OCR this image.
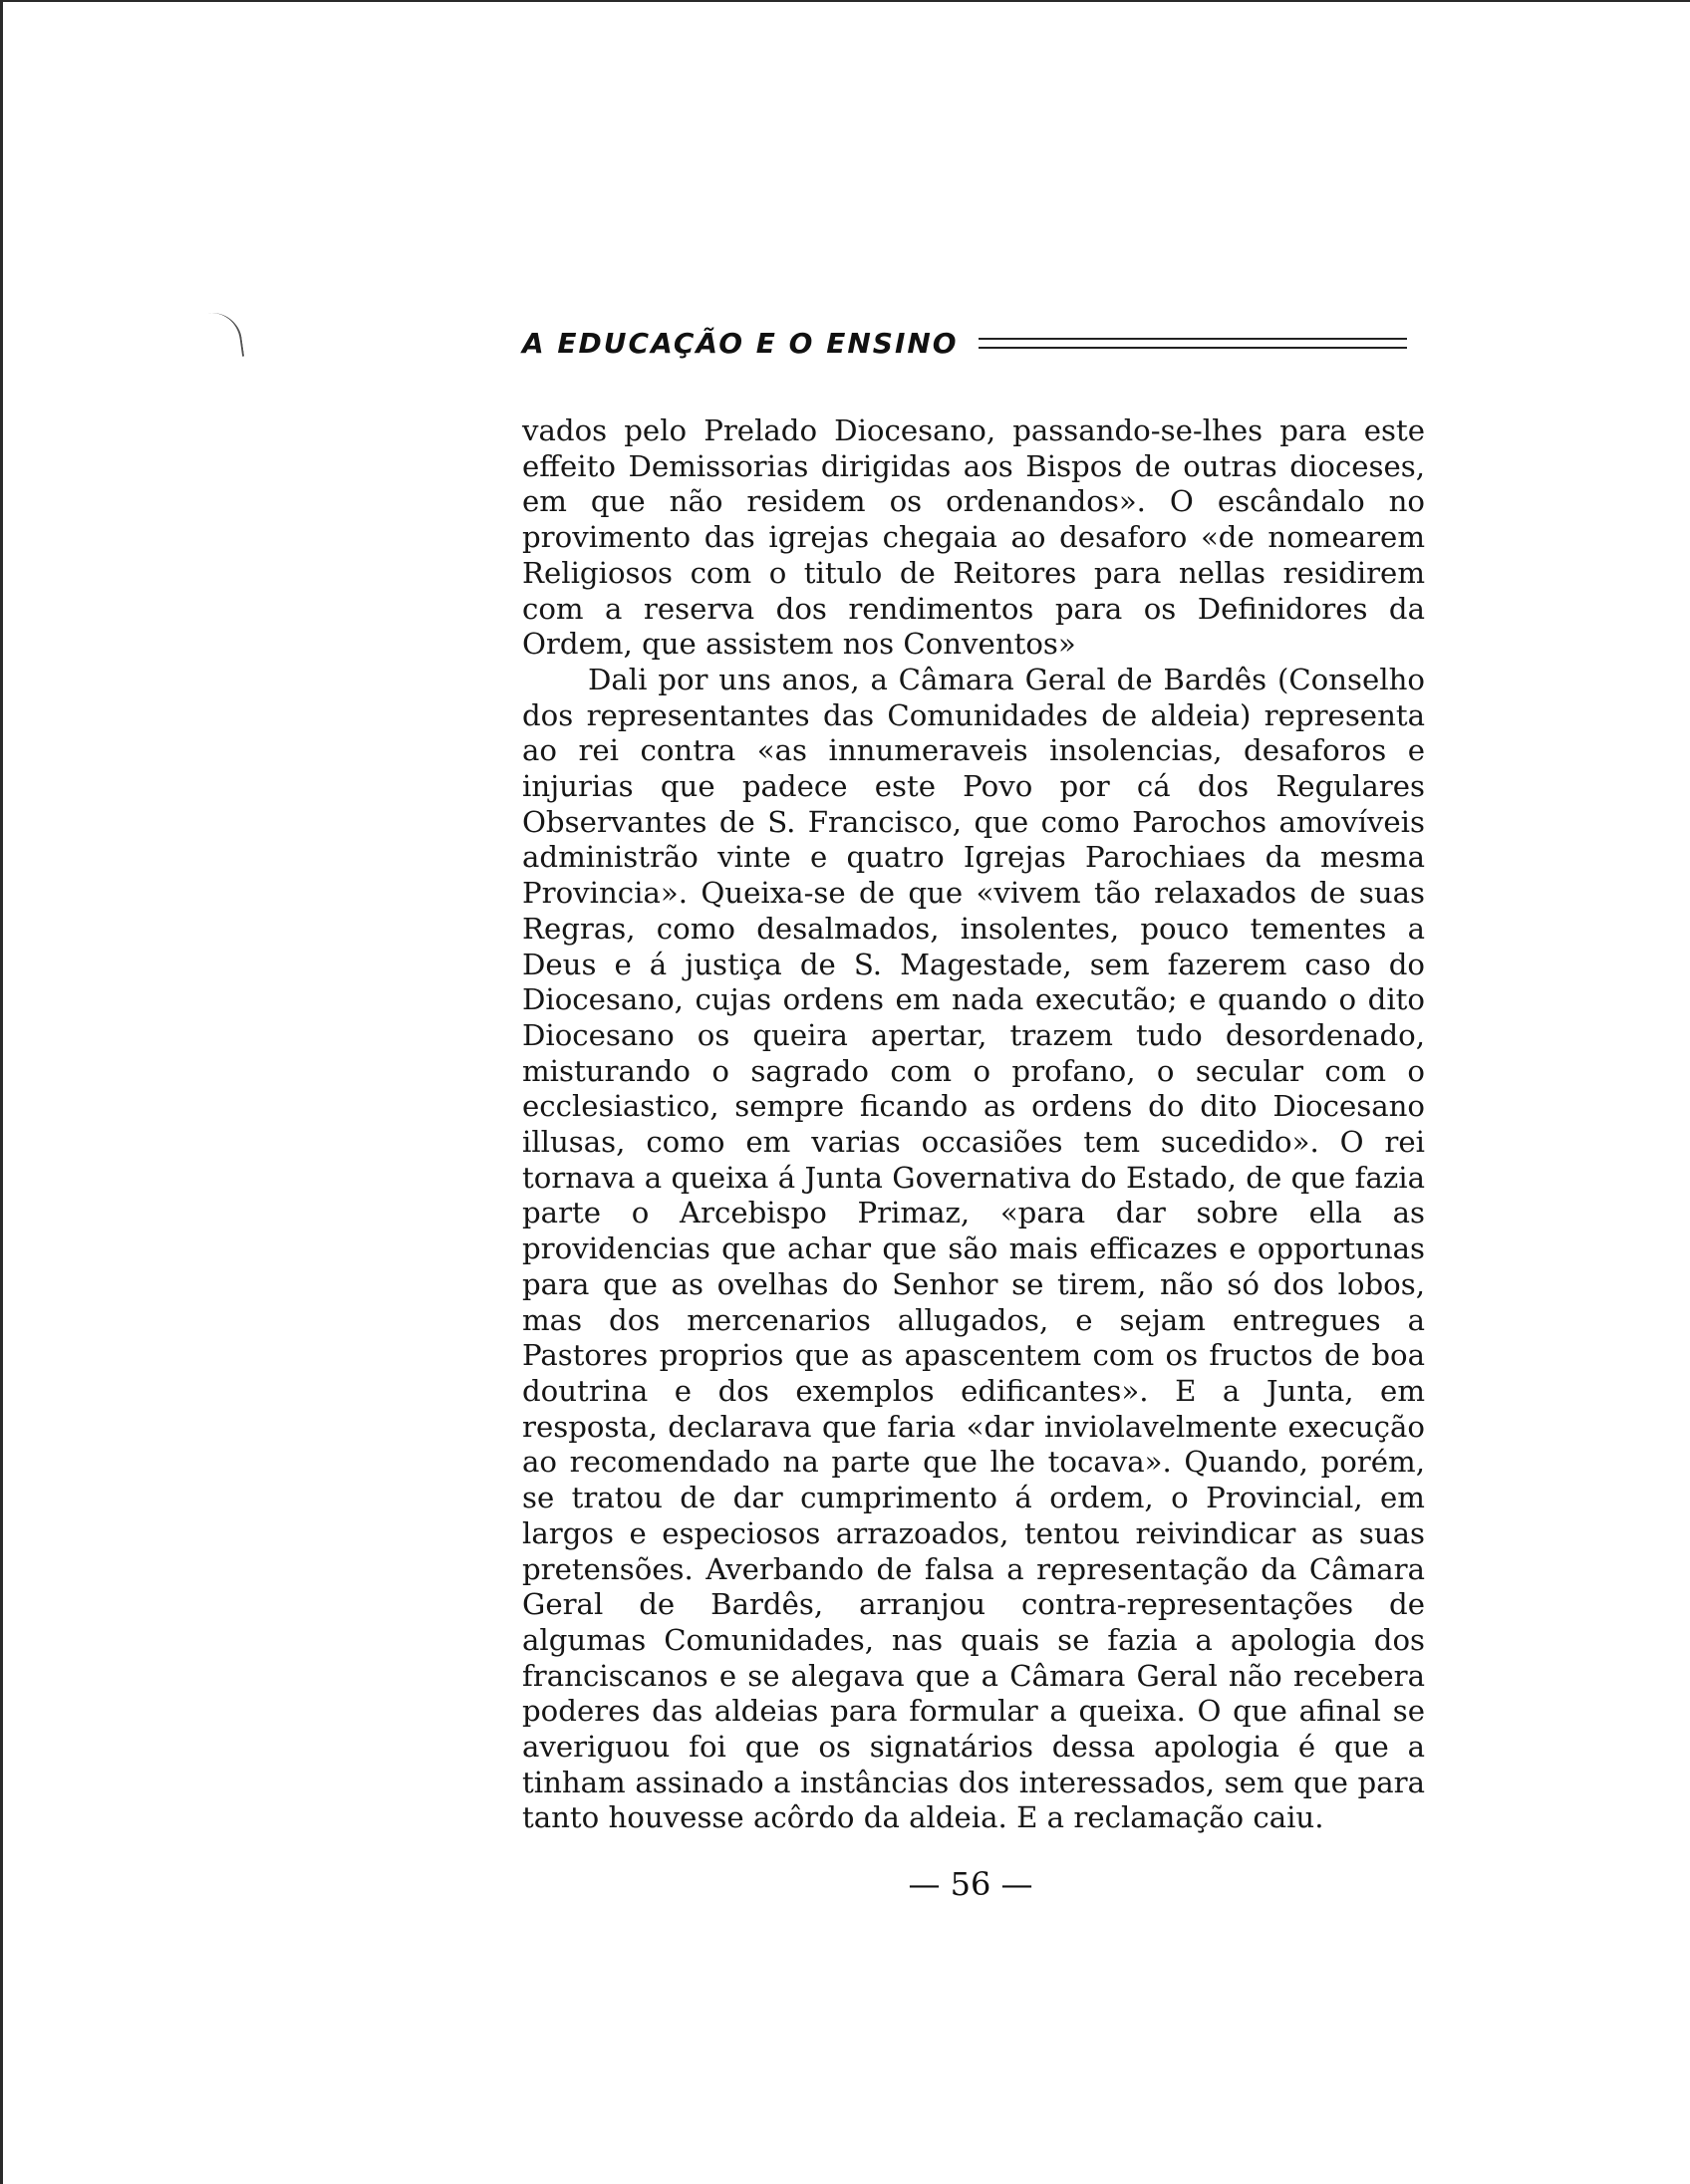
A EDUCAÇÃO E O ENSINO

vados pelo Prelado Diocesano, passando-se-lhes para este effeito Demissorias dirigidas aos Bispos de outras dioceses, em que não residem os ordenandos». O escândalo no provimento das igrejas chegaia ao desaforo «de nomearem Religiosos com o titulo de Reitores para nellas residirem com a reserva dos rendimentos para os Definidores da Ordem, que assistem nos Conventos»

Dali por uns anos, a Câmara Geral de Bardês (Conselho dos representantes das Comunidades de aldeia) representa ao rei contra «as innumeraveis insolencias, desaforos e injurias que padece este Povo por cá dos Regulares Observantes de S. Francisco, que como Parochos amovíveis administrão vinte e quatro Igrejas Parochiaes da mesma Provincia». Queixa-se de que «vivem tão relaxados de suas Regras, como desalmados, insolentes, pouco tementes a Deus e á justiça de S. Magestade, sem fazerem caso do Diocesano, cujas ordens em nada executão; e quando o dito Diocesano os queira apertar, trazem tudo desordenado, misturando o sagrado com o profano, o secular com o ecclesiastico, sempre ficando as ordens do dito Diocesano illusas, como em varias occasiões tem sucedido». O rei tornava a queixa á Junta Governativa do Estado, de que fazia parte o Arcebispo Primaz, «para dar sobre ella as providencias que achar que são mais efficazes e opportunas para que as ovelhas do Senhor se tirem, não só dos lobos, mas dos mercenarios allugados, e sejam entregues a Pastores proprios que as apascentem com os fructos de boa doutrina e dos exemplos edificantes». E a Junta, em resposta, declarava que faria «dar inviolavelmente execução ao recomendado na parte que lhe tocava». Quando, porém, se tratou de dar cumprimento á ordem, o Provincial, em largos e especiosos arrazoados, tentou reivindicar as suas pretensões. Averbando de falsa a representação da Câmara Geral de Bardês, arranjou contra-representações de algumas Comunidades, nas quais se fazia a apologia dos franciscanos e se alegava que a Câmara Geral não recebera poderes das aldeias para formular a queixa. O que afinal se averiguou foi que os signatários dessa apologia é que a tinham assinado a instâncias dos interessados, sem que para tanto houvesse acôrdo da aldeia. E a reclamação caiu.

— 56 —
